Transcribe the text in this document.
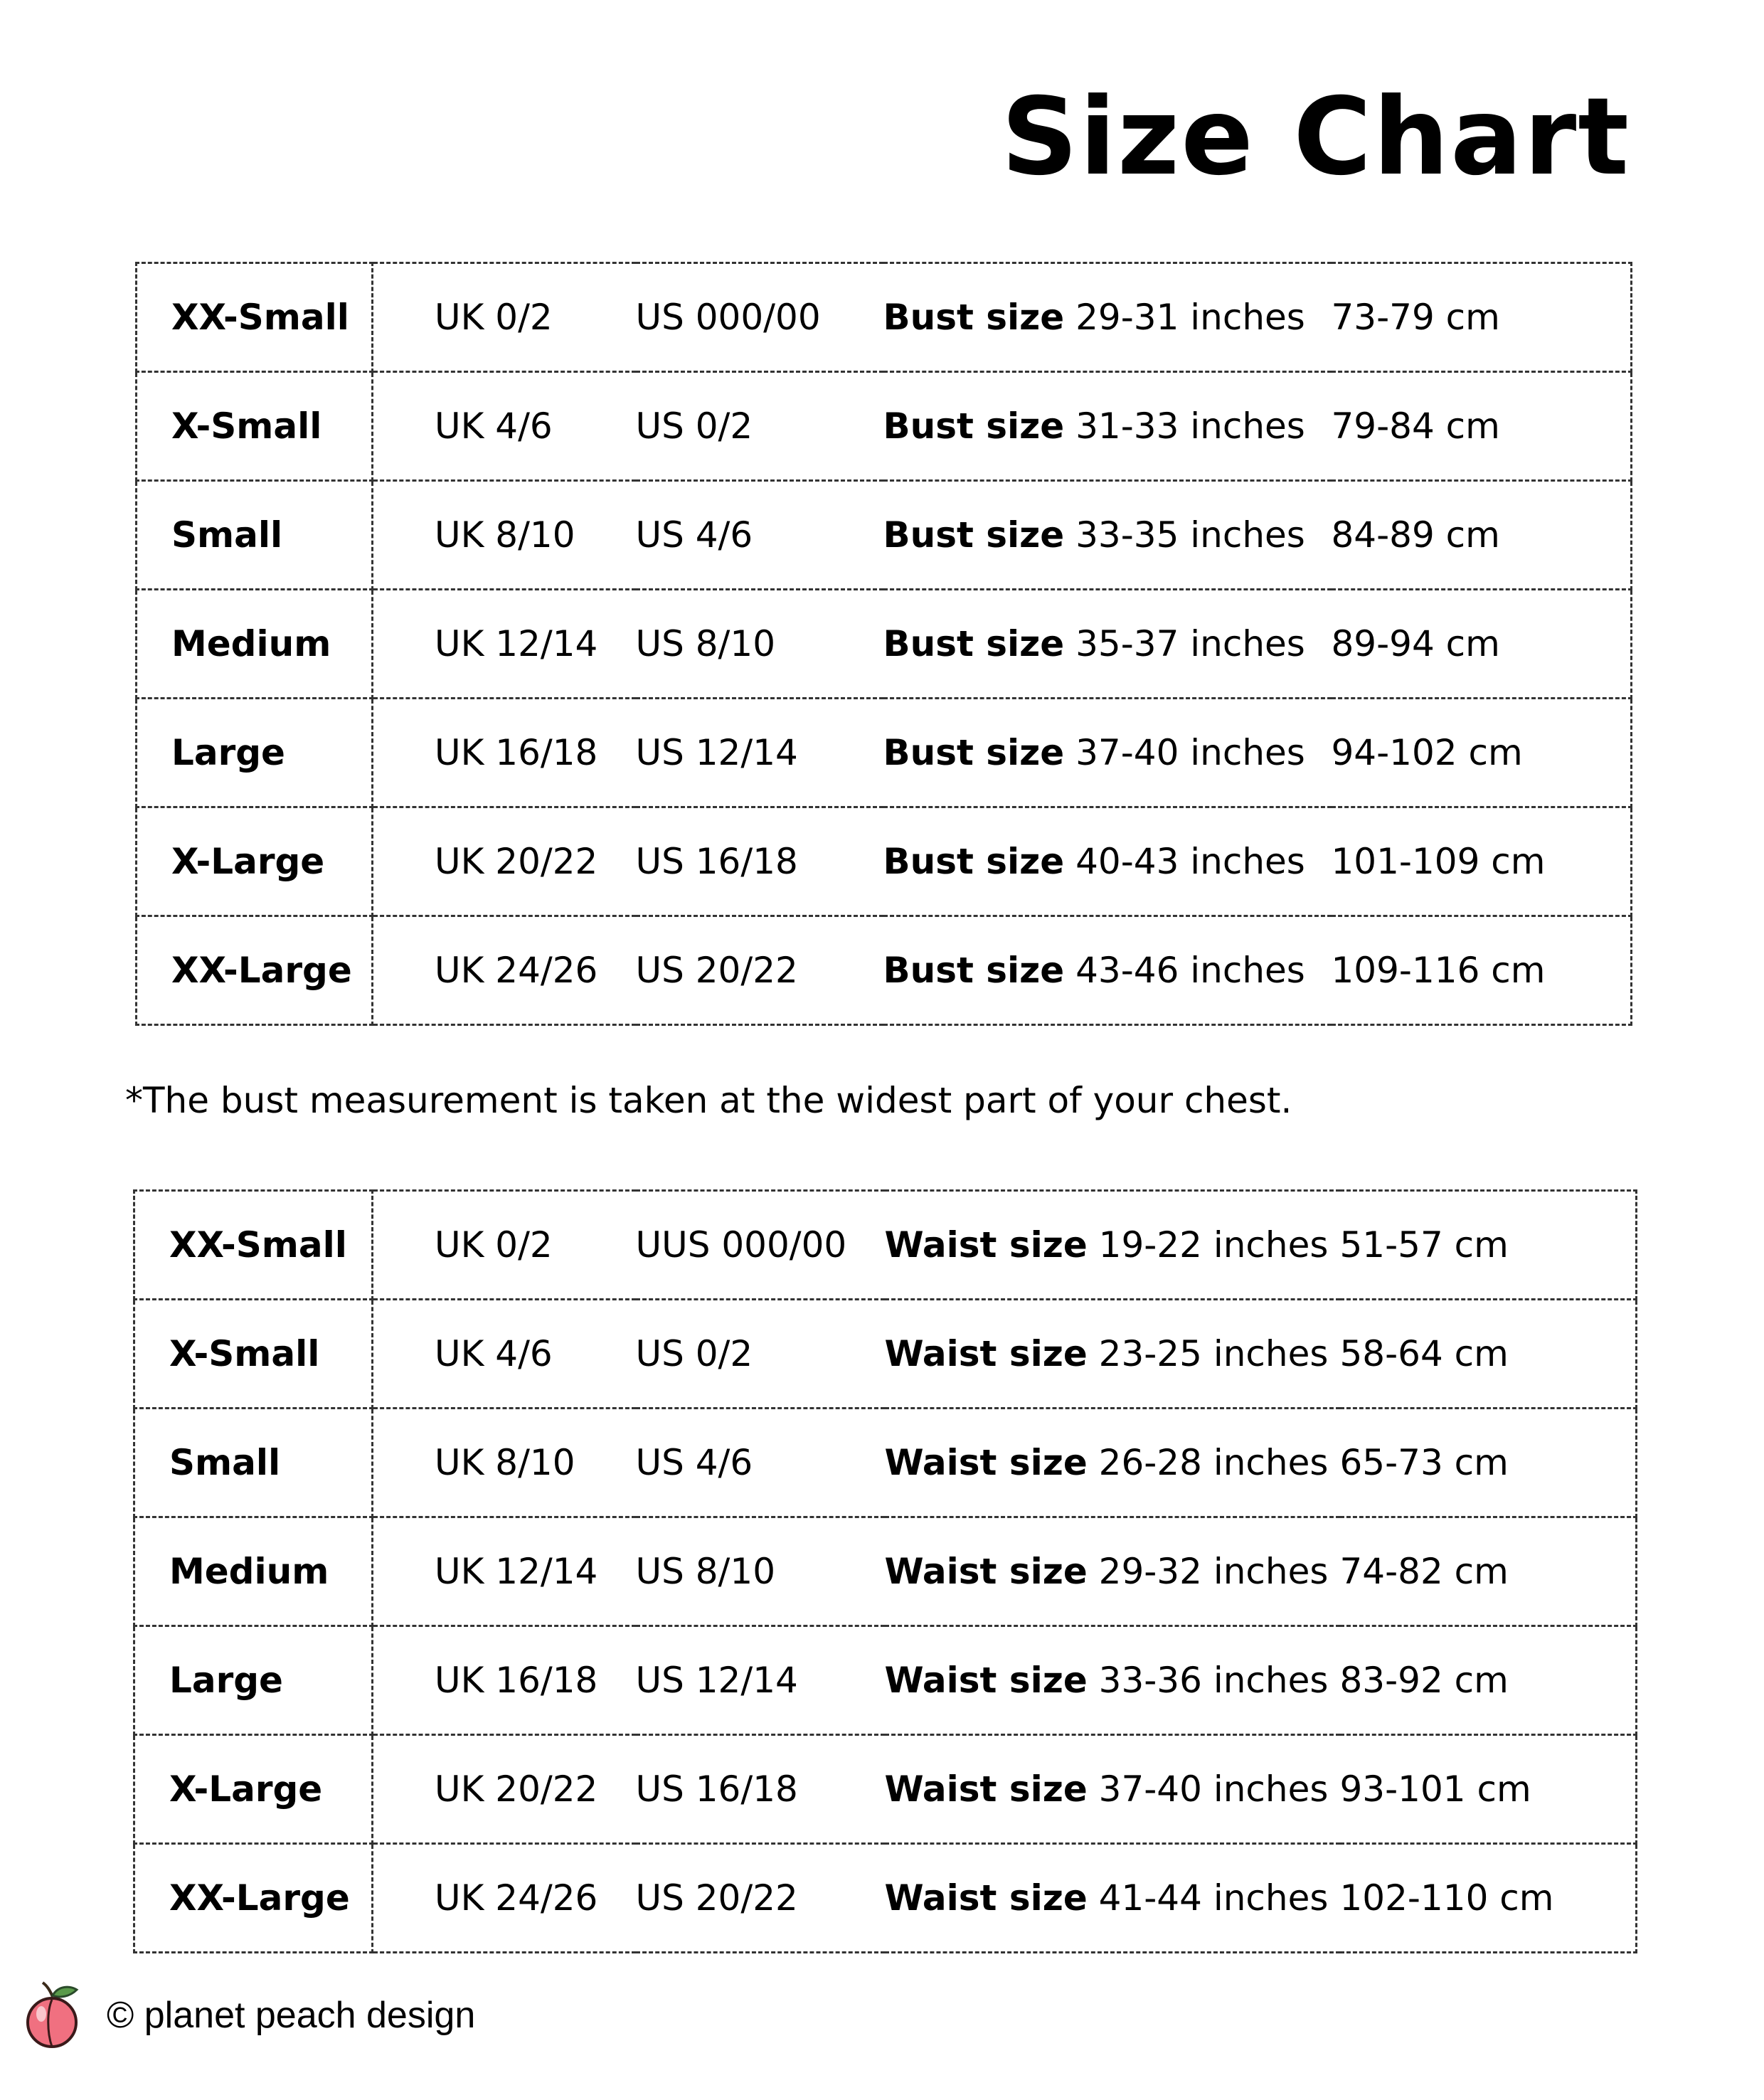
Size Chart
XX-Small	UK 0/2	US 000/00	Bust size 29-31 inches	73-79 cm
X-Small	UK 4/6	US 0/2	Bust size 31-33 inches	79-84 cm
Small	UK 8/10	US 4/6	Bust size 33-35 inches	84-89 cm
Medium	UK 12/14	US 8/10	Bust size 35-37 inches	89-94 cm
Large	UK 16/18	US 12/14	Bust size 37-40 inches	94-102 cm
X-Large	UK 20/22	US 16/18	Bust size 40-43 inches	101-109 cm
XX-Large	UK 24/26	US 20/22	Bust size 43-46 inches	109-116 cm

*The bust measurement is taken at the widest part of your chest.

XX-Small	UK 0/2	UUS 000/00	Waist size 19-22 inches	51-57 cm
X-Small	UK 4/6	US 0/2	Waist size 23-25 inches	58-64 cm
Small	UK 8/10	US 4/6	Waist size 26-28 inches	65-73 cm
Medium	UK 12/14	US 8/10	Waist size 29-32 inches	74-82 cm
Large	UK 16/18	US 12/14	Waist size 33-36 inches	83-92 cm
X-Large	UK 20/22	US 16/18	Waist size 37-40 inches	93-101 cm
XX-Large	UK 24/26	US 20/22	Waist size 41-44 inches	102-110 cm
© planet peach design
